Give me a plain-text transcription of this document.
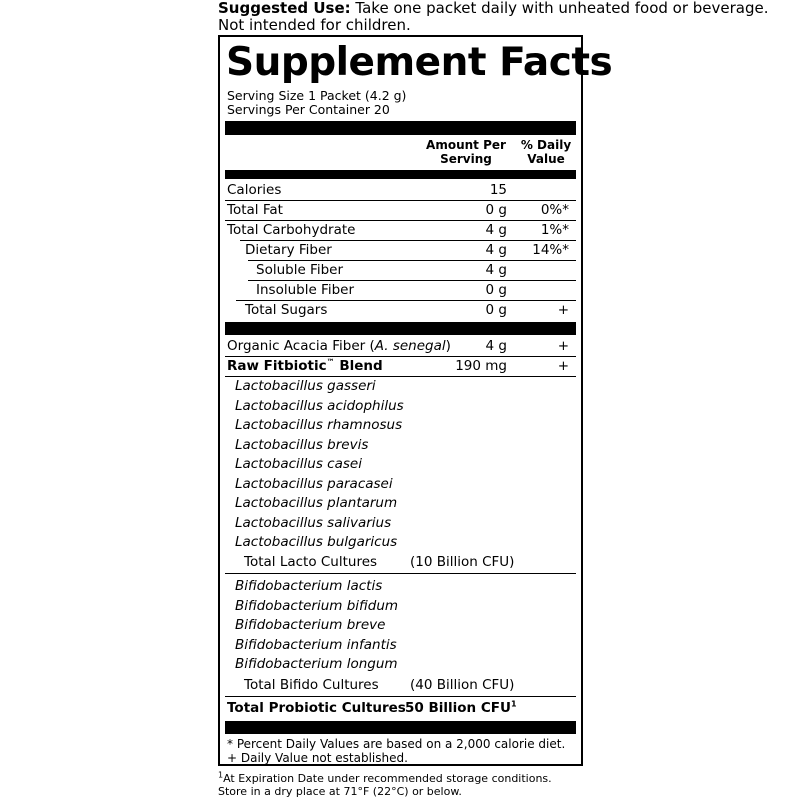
Suggested Use: Take one packet daily with unheated food or beverage. Not intended for children.
Supplement Facts
Serving Size 1 Packet (4.2 g)
Servings Per Container 20
Amount Per Serving
% Daily Value
Calories	15
Total Fat	0 g	0%*
Total Carbohydrate	4 g	1%*
Dietary Fiber	4 g 14%*
Soluble Fiber	4 g
Insoluble Fiber	0 g
Total Sugars	0 g	+
Organic Acacia Fiber (A. senegal)	4 g	+
Raw Fitbiotic™ Blend	190 mg	+
Lactobacillus gasseri
Lactobacillus acidophilus
Lactobacillus rhamnosus
Lactobacillus brevis
Lactobacillus casei
Lactobacillus paracasei
Lactobacillus plantarum
Lactobacillus salivarius
Lactobacillus bulgaricus
Total Lacto Cultures (10 Billion CFU)
Bifidobacterium lactis
Bifidobacterium bifidum
Bifidobacterium breve
Bifidobacterium infantis
Bifidobacterium longum
Total Bifido Cultures (40 Billion CFU)
Total Probiotic Cultures 50 Billion CFU$^1$
* Percent Daily Values are based on a 2,000 calorie diet.
+ Daily Value not established.
$^1$At Expiration Date under recommended storage conditions.
Store in a dry place at 71°F (22°C) or below.
